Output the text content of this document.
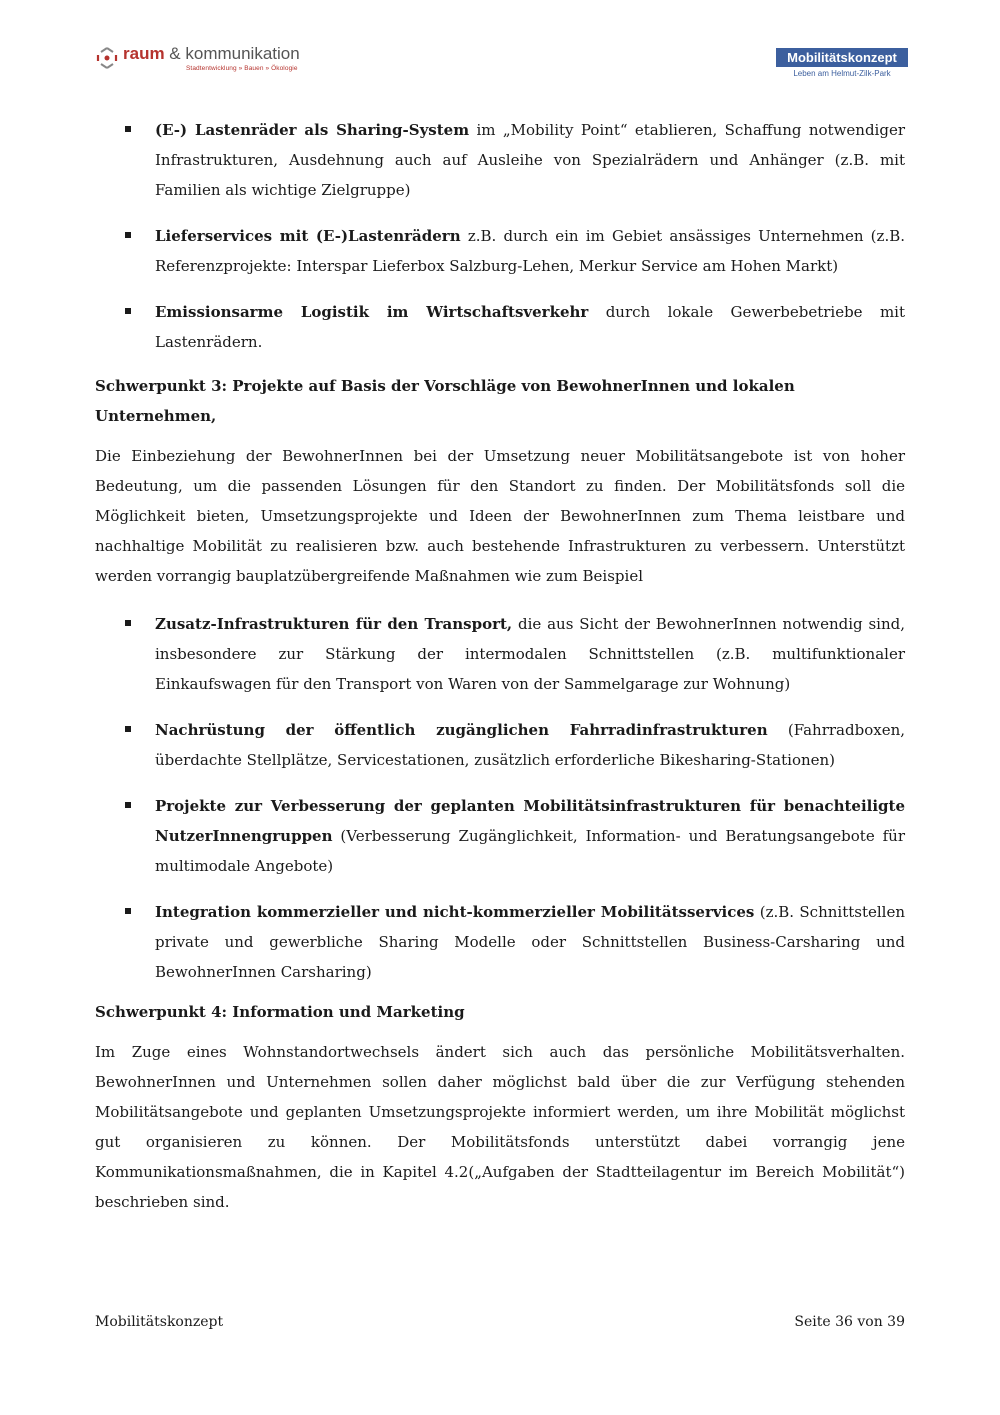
raum & kommunikation
Stadtentwicklung » Bauen » Ökologie
Mobilitätskonzept
Leben am Helmut-Zilk-Park
(E-) Lastenräder als Sharing-System im „Mobility Point“ etablieren, Schaffung notwendiger Infrastrukturen, Ausdehnung auch auf Ausleihe von Spezialrädern und Anhänger (z.B. mit Familien als wichtige Zielgruppe)
Lieferservices mit (E-)Lastenrädern z.B. durch ein im Gebiet ansässiges Unternehmen (z.B. Referenzprojekte: Interspar Lieferbox Salzburg-Lehen, Merkur Service am Hohen Markt)
Emissionsarme Logistik im Wirtschaftsverkehr durch lokale Gewerbebetriebe mit Lastenrädern.

Schwerpunkt 3: Projekte auf Basis der Vorschläge von BewohnerInnen und lokalen Unternehmen,

Die Einbeziehung der BewohnerInnen bei der Umsetzung neuer Mobilitätsangebote ist von hoher Bedeutung, um die passenden Lösungen für den Standort zu finden. Der Mobilitätsfonds soll die Möglichkeit bieten, Umsetzungsprojekte und Ideen der BewohnerInnen zum Thema leistbare und nachhaltige Mobilität zu realisieren bzw. auch bestehende Infrastrukturen zu verbessern. Unterstützt werden vorrangig bauplatzübergreifende Maßnahmen wie zum Beispiel

Zusatz-Infrastrukturen für den Transport, die aus Sicht der BewohnerInnen notwendig sind, insbesondere zur Stärkung der intermodalen Schnittstellen (z.B. multifunktionaler Einkaufswagen für den Transport von Waren von der Sammelgarage zur Wohnung)
Nachrüstung der öffentlich zugänglichen Fahrradinfrastrukturen (Fahrradboxen, überdachte Stellplätze, Servicestationen, zusätzlich erforderliche Bikesharing-Stationen)
Projekte zur Verbesserung der geplanten Mobilitätsinfrastrukturen für benachteiligte NutzerInnengruppen (Verbesserung Zugänglichkeit, Information- und Beratungsangebote für multimodale Angebote)
Integration kommerzieller und nicht-kommerzieller Mobilitätsservices (z.B. Schnittstellen private und gewerbliche Sharing Modelle oder Schnittstellen Business-Carsharing und BewohnerInnen Carsharing)

Schwerpunkt 4: Information und Marketing

Im Zuge eines Wohnstandortwechsels ändert sich auch das persönliche Mobilitätsverhalten. BewohnerInnen und Unternehmen sollen daher möglichst bald über die zur Verfügung stehenden Mobilitätsangebote und geplanten Umsetzungsprojekte informiert werden, um ihre Mobilität möglichst gut organisieren zu können. Der Mobilitätsfonds unterstützt dabei vorrangig jene Kommunikationsmaßnahmen, die in Kapitel 4.2(„Aufgaben der Stadtteilagentur im Bereich Mobilität“) beschrieben sind.

Mobilitätskonzept	Seite 36 von 39
